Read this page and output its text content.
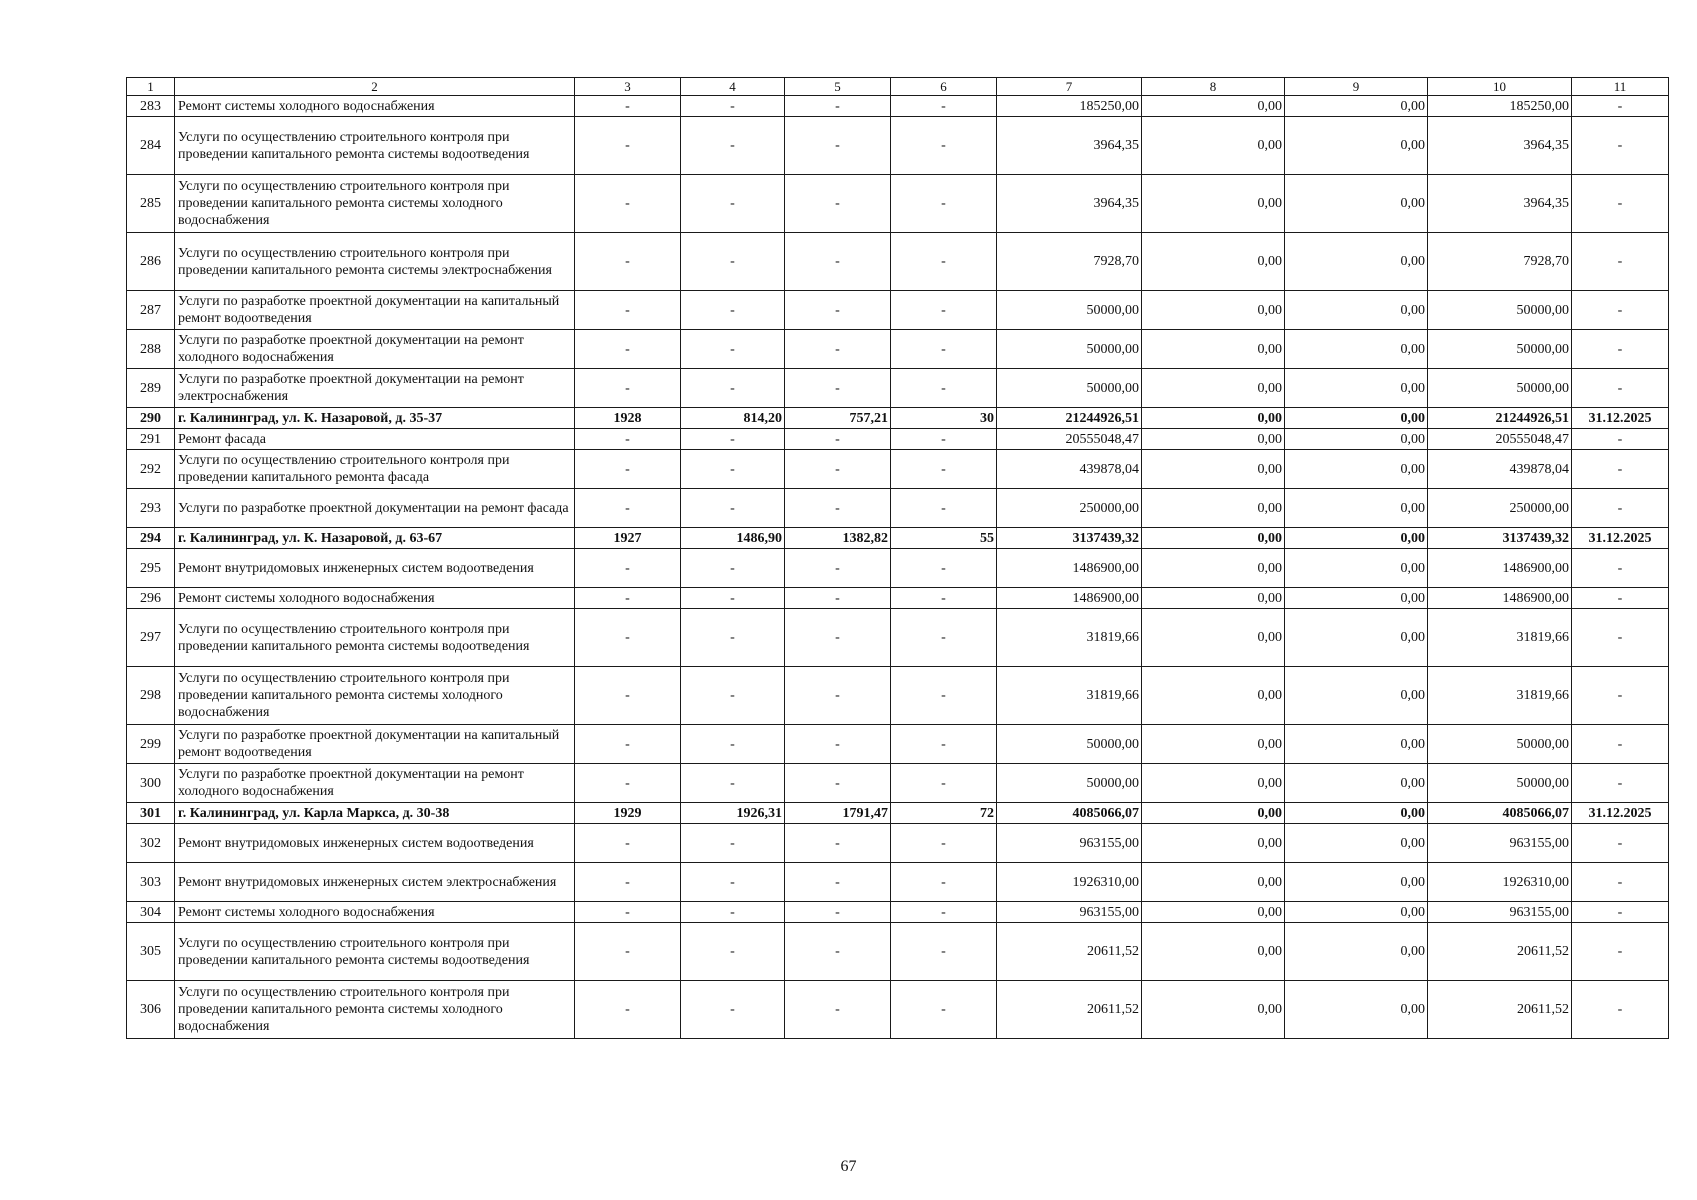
1	2	3	4	5	6	7	8	9	10	11
283	Ремонт системы холодного водоснабжения	-	-	-	-	185250,00	0,00	0,00	185250,00	-
284	Услуги по осуществлению строительного контроля при проведении капитального ремонта системы водоотведения	-	-	-	-	3964,35	0,00	0,00	3964,35	-
285	Услуги по осуществлению строительного контроля при проведении капитального ремонта системы холодного водоснабжения	-	-	-	-	3964,35	0,00	0,00	3964,35	-
286	Услуги по осуществлению строительного контроля при проведении капитального ремонта системы электроснабжения	-	-	-	-	7928,70	0,00	0,00	7928,70	-
287	Услуги по разработке проектной документации на капитальный ремонт водоотведения	-	-	-	-	50000,00	0,00	0,00	50000,00	-
288	Услуги по разработке проектной документации на ремонт холодного водоснабжения	-	-	-	-	50000,00	0,00	0,00	50000,00	-
289	Услуги по разработке проектной документации на ремонт электроснабжения	-	-	-	-	50000,00	0,00	0,00	50000,00	-
290	г. Калининград, ул. К. Назаровой, д. 35-37	1928	814,20	757,21	30	21244926,51	0,00	0,00	21244926,51	31.12.2025
291	Ремонт фасада	-	-	-	-	20555048,47	0,00	0,00	20555048,47	-
292	Услуги по осуществлению строительного контроля при проведении капитального ремонта фасада	-	-	-	-	439878,04	0,00	0,00	439878,04	-
293	Услуги по разработке проектной документации на ремонт фасада	-	-	-	-	250000,00	0,00	0,00	250000,00	-
294	г. Калининград, ул. К. Назаровой, д. 63-67	1927	1486,90	1382,82	55	3137439,32	0,00	0,00	3137439,32	31.12.2025
295	Ремонт внутридомовых инженерных систем водоотведения	-	-	-	-	1486900,00	0,00	0,00	1486900,00	-
296	Ремонт системы холодного водоснабжения	-	-	-	-	1486900,00	0,00	0,00	1486900,00	-
297	Услуги по осуществлению строительного контроля при проведении капитального ремонта системы водоотведения	-	-	-	-	31819,66	0,00	0,00	31819,66	-
298	Услуги по осуществлению строительного контроля при проведении капитального ремонта системы холодного водоснабжения	-	-	-	-	31819,66	0,00	0,00	31819,66	-
299	Услуги по разработке проектной документации на капитальный ремонт водоотведения	-	-	-	-	50000,00	0,00	0,00	50000,00	-
300	Услуги по разработке проектной документации на ремонт холодного водоснабжения	-	-	-	-	50000,00	0,00	0,00	50000,00	-
301	г. Калининград, ул. Карла Маркса, д. 30-38	1929	1926,31	1791,47	72	4085066,07	0,00	0,00	4085066,07	31.12.2025
302	Ремонт внутридомовых инженерных систем водоотведения	-	-	-	-	963155,00	0,00	0,00	963155,00	-
303	Ремонт внутридомовых инженерных систем электроснабжения	-	-	-	-	1926310,00	0,00	0,00	1926310,00	-
304	Ремонт системы холодного водоснабжения	-	-	-	-	963155,00	0,00	0,00	963155,00	-
305	Услуги по осуществлению строительного контроля при проведении капитального ремонта системы водоотведения	-	-	-	-	20611,52	0,00	0,00	20611,52	-
306	Услуги по осуществлению строительного контроля при проведении капитального ремонта системы холодного водоснабжения	-	-	-	-	20611,52	0,00	0,00	20611,52	-
67
